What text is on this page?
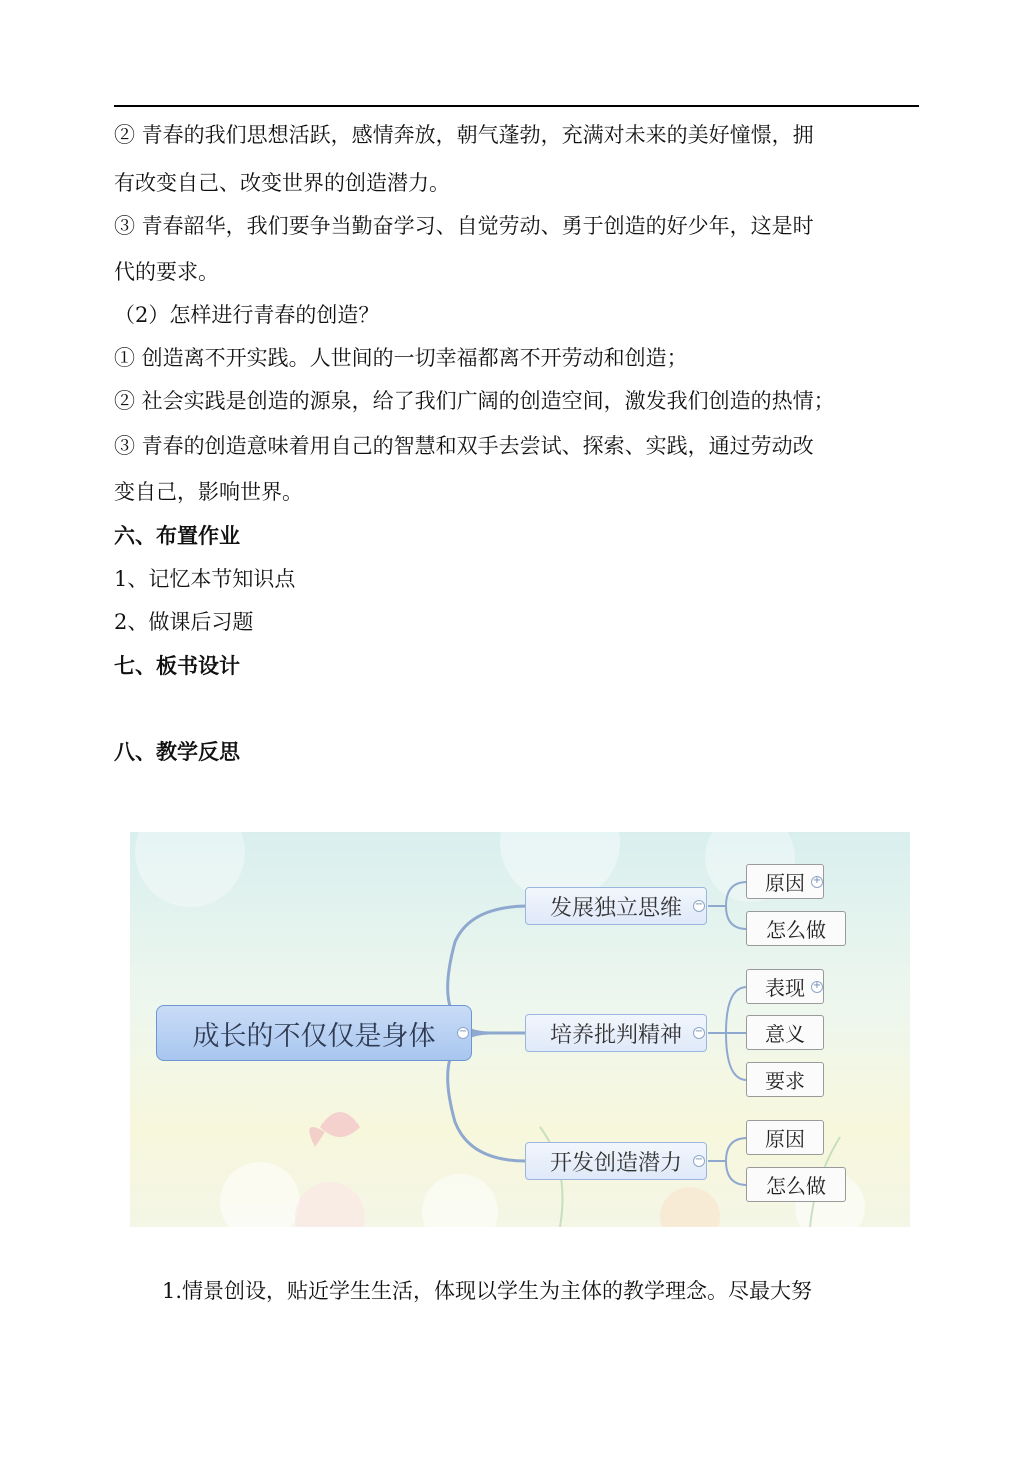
② 青春的我们思想活跃，感情奔放，朝气蓬勃，充满对未来的美好憧憬，拥
有改变自己、改变世界的创造潜力。
③ 青春韶华，我们要争当勤奋学习、自觉劳动、勇于创造的好少年，这是时
代的要求。
（2）怎样进行青春的创造？
① 创造离不开实践。人世间的一切幸福都离不开劳动和创造；
② 社会实践是创造的源泉，给了我们广阔的创造空间，激发我们创造的热情；
③ 青春的创造意味着用自己的智慧和双手去尝试、探索、实践，通过劳动改
变自己，影响世界。
六、布置作业
1、记忆本节知识点
2、做课后习题
七、板书设计
八、教学反思
成长的不仅仅是身体	−
发展独立思维	−
培养批判精神	−
开发创造潜力	−
原因 +
怎么做
表现 +
意义
要求
原因
怎么做
1.情景创设，贴近学生生活，体现以学生为主体的教学理念。尽最大努
